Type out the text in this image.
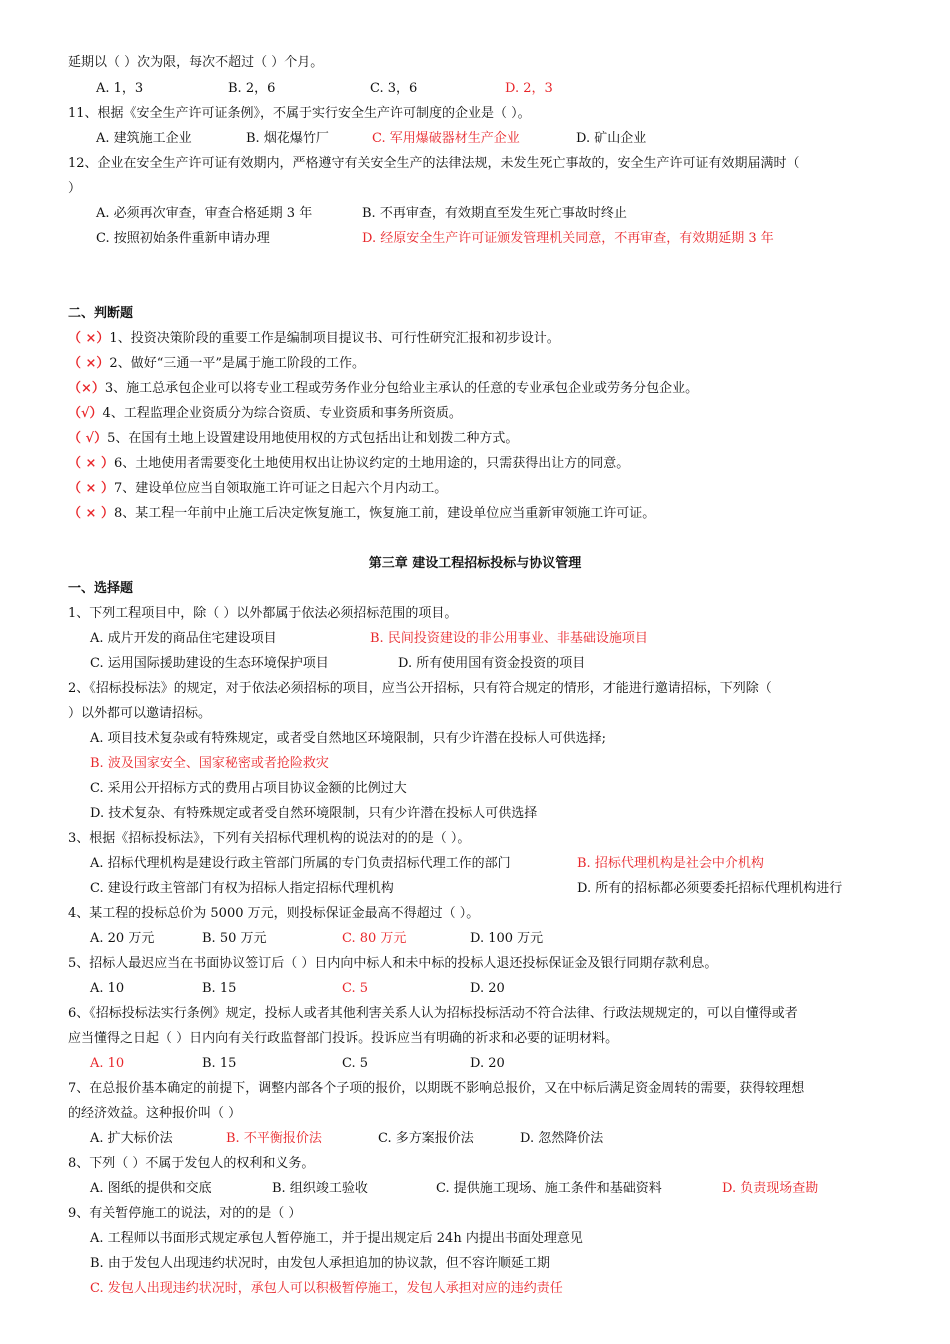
延期以（ ）次为限，每次不超过（ ）个月。
A. 1，3	B. 2，6	C. 3，6	D. 2，3
11、根据《安全生产许可证条例》，不属于实行安全生产许可制度的企业是（ ）。
A. 建筑施工企业	B. 烟花爆竹厂	C. 军用爆破器材生产企业	D. 矿山企业
12、企业在安全生产许可证有效期内，严格遵守有关安全生产的法律法规，未发生死亡事故的，安全生产许可证有效期届满时（
）
A. 必须再次审查，审查合格延期 3 年	B. 不再审查，有效期直至发生死亡事故时终止
C. 按照初始条件重新申请办理	D. 经原安全生产许可证颁发管理机关同意，不再审查，有效期延期 3 年
二、判断题
（ ×）1、投资决策阶段的重要工作是编制项目提议书、可行性研究汇报和初步设计。
（ ×）2、做好“三通一平”是属于施工阶段的工作。
（×）3、施工总承包企业可以将专业工程或劳务作业分包给业主承认的任意的专业承包企业或劳务分包企业。
（√）4、工程监理企业资质分为综合资质、专业资质和事务所资质。
（ √）5、在国有土地上设置建设用地使用权的方式包括出让和划拨二种方式。
（ × ）6、土地使用者需要变化土地使用权出让协议约定的土地用途的，只需获得出让方的同意。
（ × ）7、建设单位应当自领取施工许可证之日起六个月内动工。
（ × ）8、某工程一年前中止施工后决定恢复施工，恢复施工前，建设单位应当重新审领施工许可证。
第三章 建设工程招标投标与协议管理
一、选择题
1、下列工程项目中，除（ ）以外都属于依法必须招标范围的项目。
A. 成片开发的商品住宅建设项目	B. 民间投资建设的非公用事业、非基础设施项目
C. 运用国际援助建设的生态环境保护项目	D. 所有使用国有资金投资的项目
2、《招标投标法》的规定，对于依法必须招标的项目，应当公开招标，只有符合规定的情形，才能进行邀请招标，下列除（
）以外都可以邀请招标。
A. 项目技术复杂或有特殊规定，或者受自然地区环境限制，只有少许潜在投标人可供选择;
B. 波及国家安全、国家秘密或者抢险救灾
C. 采用公开招标方式的费用占项目协议金额的比例过大
D. 技术复杂、有特殊规定或者受自然环境限制，只有少许潜在投标人可供选择
3、根据《招标投标法》，下列有关招标代理机构的说法对的的是（ ）。
A. 招标代理机构是建设行政主管部门所属的专门负责招标代理工作的部门	B. 招标代理机构是社会中介机构
C. 建设行政主管部门有权为招标人指定招标代理机构	D. 所有的招标都必须要委托招标代理机构进行
4、某工程的投标总价为 5000 万元，则投标保证金最高不得超过（ ）。
A. 20 万元	B. 50 万元	C. 80 万元	D. 100 万元
5、招标人最迟应当在书面协议签订后（ ）日内向中标人和未中标的投标人退还投标保证金及银行同期存款利息。
A. 10	B. 15	C. 5	D. 20
6、《招标投标法实行条例》规定，投标人或者其他利害关系人认为招标投标活动不符合法律、行政法规规定的，可以自懂得或者
应当懂得之日起（ ）日内向有关行政监督部门投诉。投诉应当有明确的祈求和必要的证明材料。
A. 10	B. 15	C. 5	D. 20
7、在总报价基本确定的前提下，调整内部各个子项的报价，以期既不影响总报价，又在中标后满足资金周转的需要，获得较理想
的经济效益。这种报价叫（ ）
A. 扩大标价法	B. 不平衡报价法	C. 多方案报价法	D. 忽然降价法
8、下列（ ）不属于发包人的权利和义务。
A. 图纸的提供和交底	B. 组织竣工验收	C. 提供施工现场、施工条件和基础资料	D. 负责现场查勘
9、有关暂停施工的说法，对的的是（ ）
A. 工程师以书面形式规定承包人暂停施工，并于提出规定后 24h 内提出书面处理意见
B. 由于发包人出现违约状况时，由发包人承担追加的协议款，但不容许顺延工期
C. 发包人出现违约状况时，承包人可以积极暂停施工，发包人承担对应的违约责任
